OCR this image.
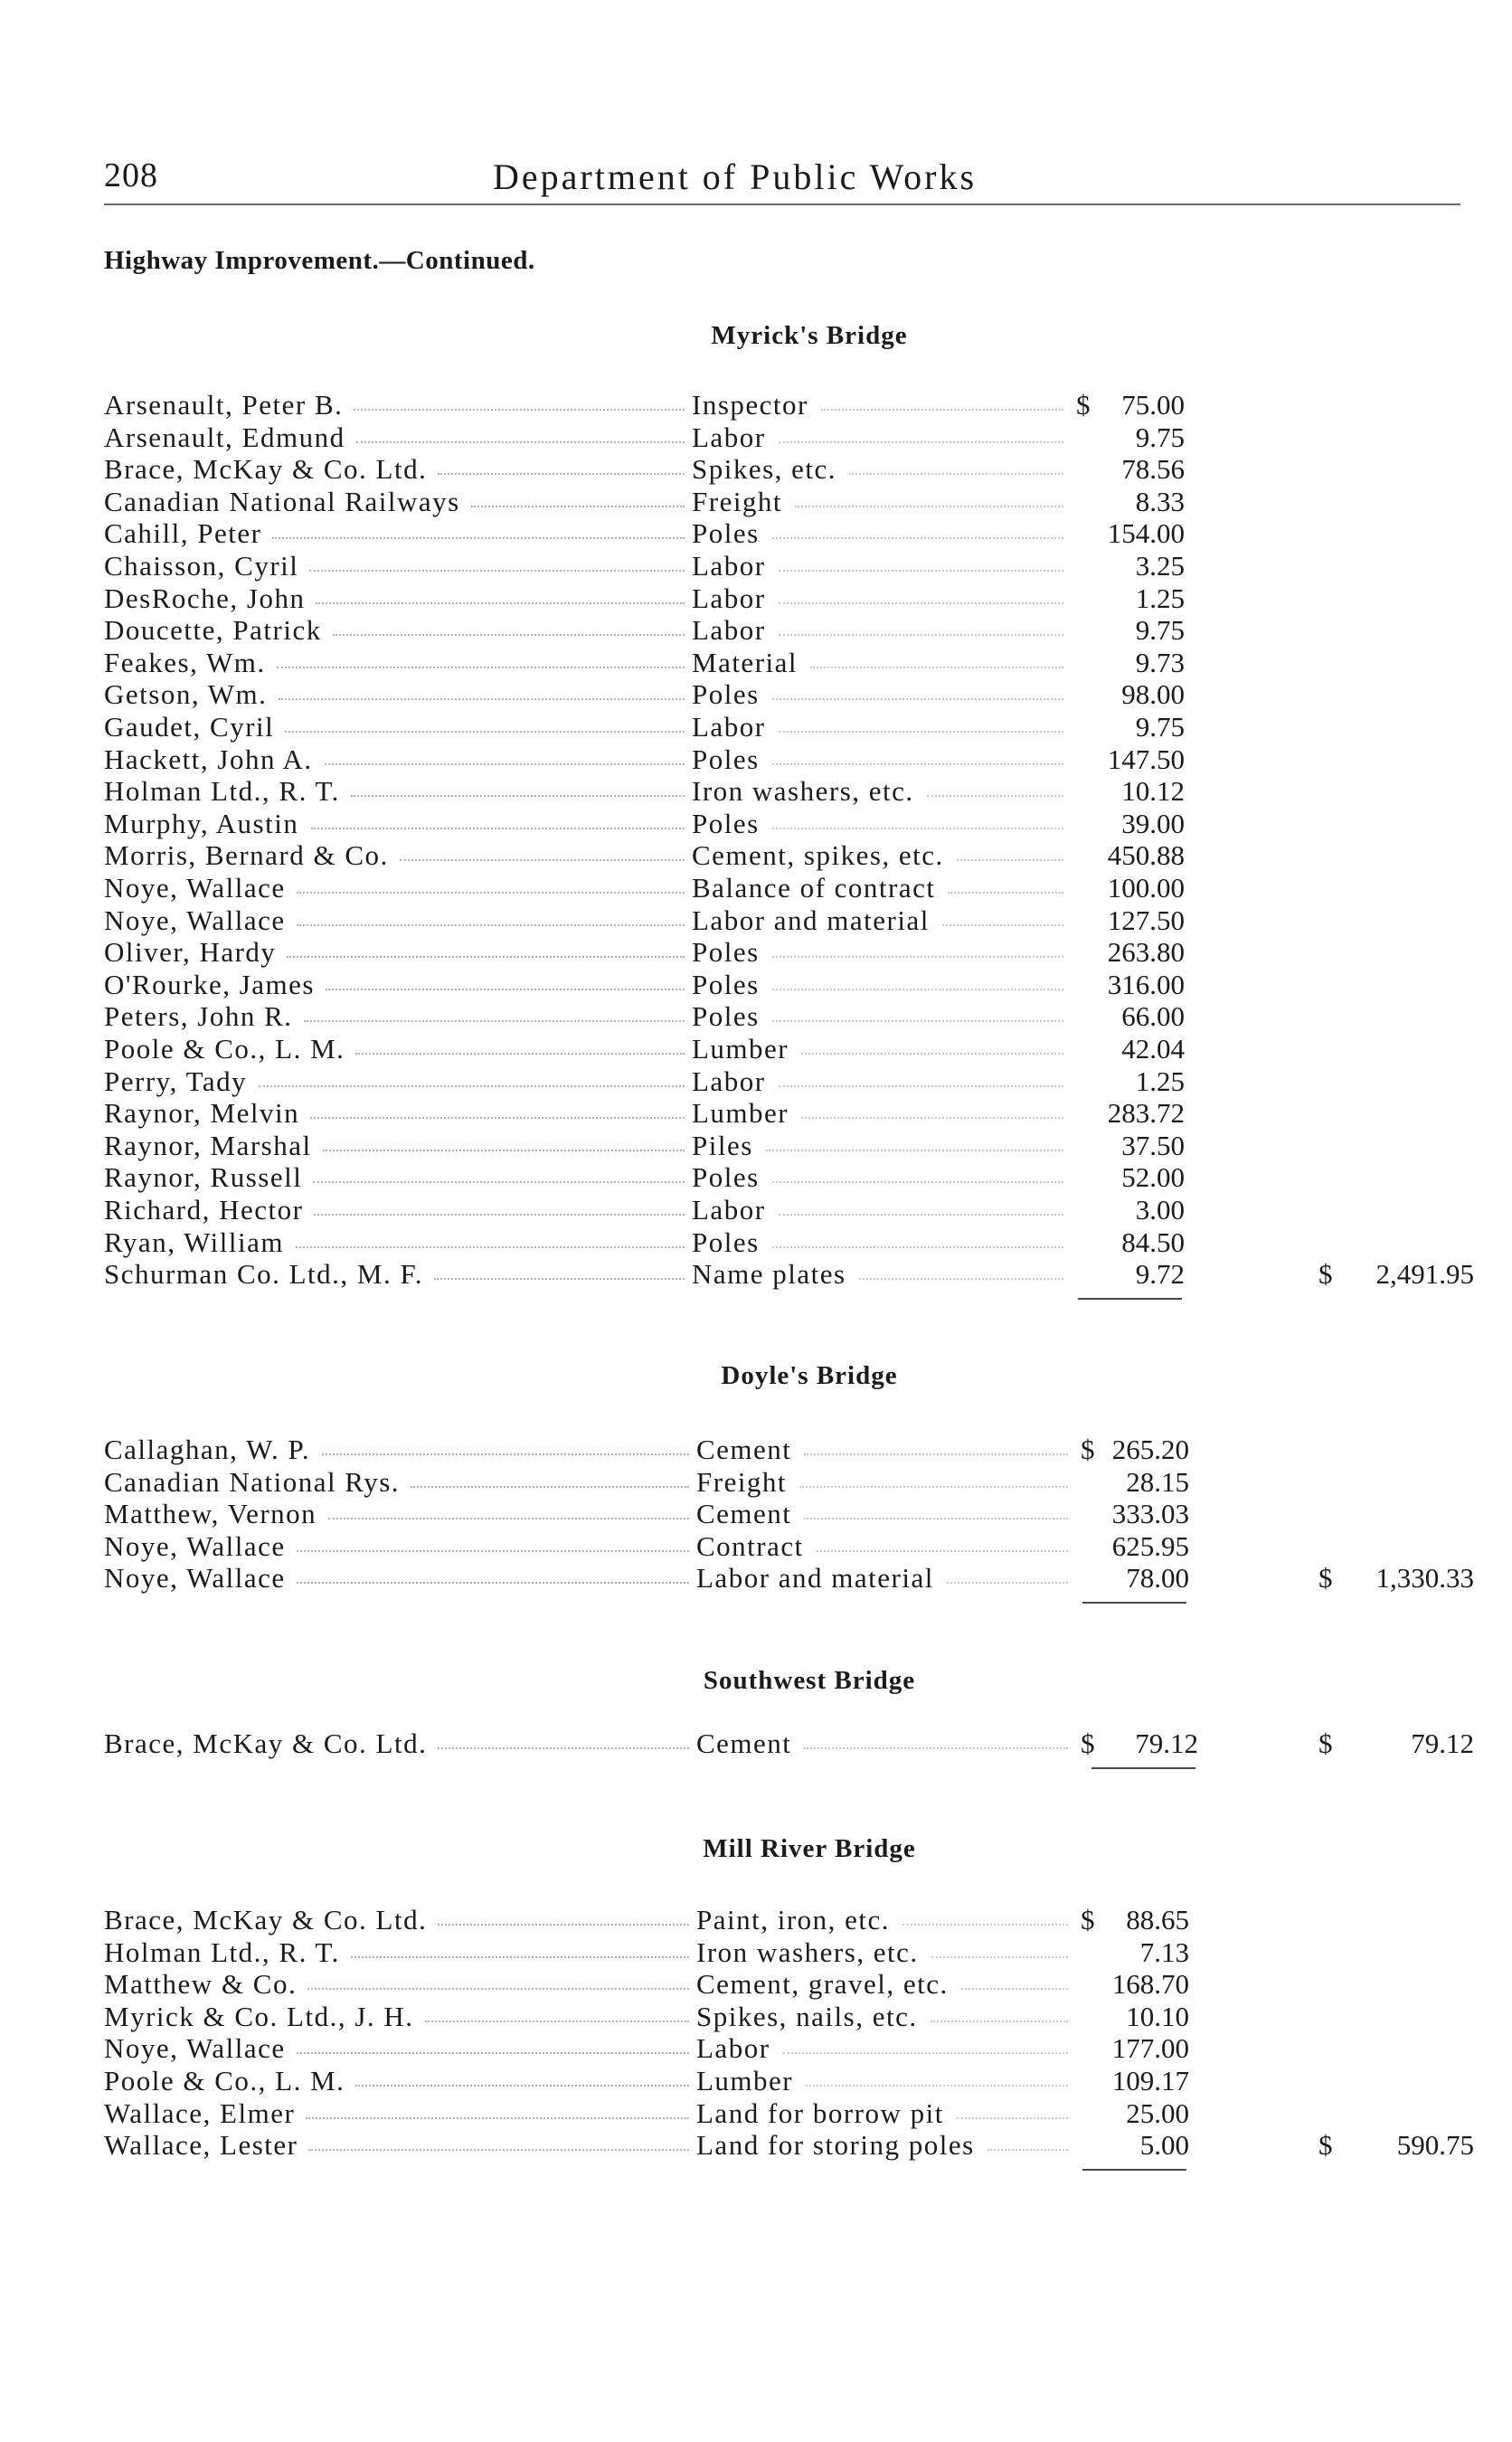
208	Department of Public Works
Highway Improvement.—Continued.
Myrick's Bridge
Arsenault, Peter B.	Inspector	$	75.00
Arsenault, Edmund	Labor	9.75
Brace, McKay & Co. Ltd.	Spikes, etc.	78.56
Canadian National Railways	Freight	8.33
Cahill, Peter	Poles	154.00
Chaisson, Cyril	Labor	3.25
DesRoche, John	Labor	1.25
Doucette, Patrick	Labor	9.75
Feakes, Wm.	Material	9.73
Getson, Wm.	Poles	98.00
Gaudet, Cyril	Labor	9.75
Hackett, John A.	Poles	147.50
Holman Ltd., R. T.	Iron washers, etc.	10.12
Murphy, Austin	Poles	39.00
Morris, Bernard & Co.	Cement, spikes, etc.	450.88
Noye, Wallace	Balance of contract	100.00
Noye, Wallace	Labor and material	127.50
Oliver, Hardy	Poles	263.80
O'Rourke, James	Poles	316.00
Peters, John R.	Poles	66.00
Poole & Co., L. M.	Lumber	42.04
Perry, Tady	Labor	1.25
Raynor, Melvin	Lumber	283.72
Raynor, Marshal	Piles	37.50
Raynor, Russell	Poles	52.00
Richard, Hector	Labor	3.00
Ryan, William	Poles	84.50
Schurman Co. Ltd., M. F.	Name plates	9.72	$	2,491.95
Doyle's Bridge
Callaghan, W. P.	Cement	$ 265.20
Canadian National Rys.	Freight	28.15
Matthew, Vernon	Cement	333.03
Noye, Wallace	Contract	625.95
Noye, Wallace	Labor and material	78.00	$	1,330.33
Southwest Bridge
Brace, McKay & Co. Ltd.	Cement	$	79.12	$	79.12
Mill River Bridge
Brace, McKay & Co. Ltd.	Paint, iron, etc.	$	88.65
Holman Ltd., R. T.	Iron washers, etc.	7.13
Matthew & Co.	Cement, gravel, etc.	168.70
Myrick & Co. Ltd., J. H.	Spikes, nails, etc.	10.10
Noye, Wallace	Labor	177.00
Poole & Co., L. M.	Lumber	109.17
Wallace, Elmer	Land for borrow pit	25.00
Wallace, Lester	Land for storing poles	5.00	$	590.75
